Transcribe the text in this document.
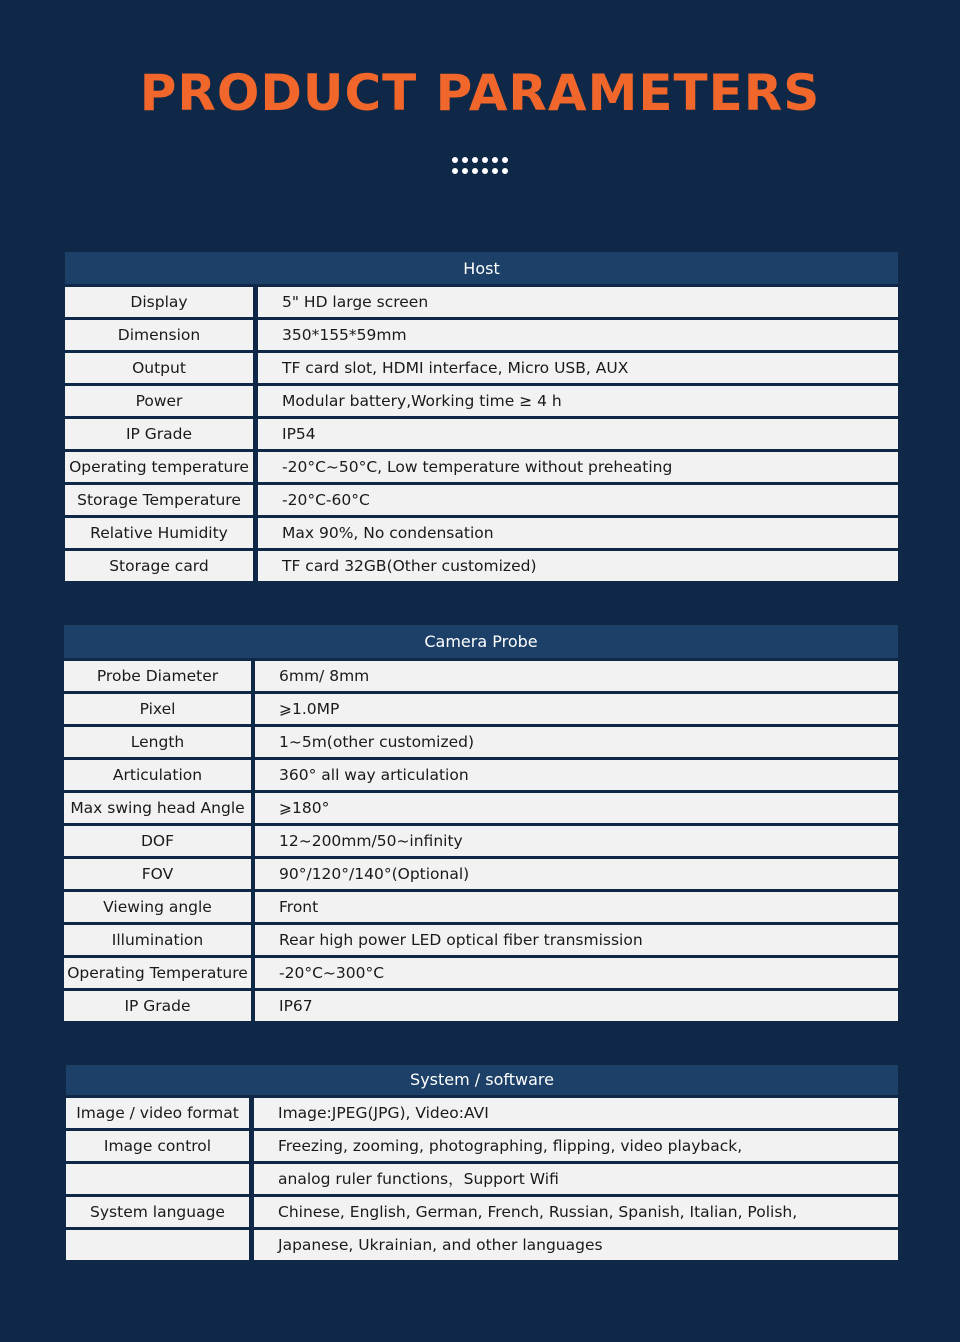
PRODUCT PARAMETERS
Host
Display	5" HD large screen
Dimension	350*155*59mm
Output	TF card slot, HDMI interface, Micro USB, AUX
Power	Modular battery,Working time ≥ 4 h
IP Grade	IP54
Operating temperature	-20°C~50°C, Low temperature without preheating
Storage Temperature	-20°C-60°C
Relative Humidity	Max 90%, No condensation
Storage card	TF card 32GB(Other customized)
Camera Probe
Probe Diameter	6mm/ 8mm
Pixel	⩾1.0MP
Length	1~5m(other customized)
Articulation	360° all way articulation
Max swing head Angle	⩾180°
DOF	12~200mm/50~infinity
FOV	90°/120°/140°(Optional)
Viewing angle	Front
Illumination	Rear high power LED optical fiber transmission
Operating Temperature	-20°C~300°C
IP Grade	IP67
System / software
Image / video format	Image:JPEG(JPG), Video:AVI
Image control	Freezing, zooming, photographing, flipping, video playback,
analog ruler functions，Support Wifi
System language	Chinese, English, German, French, Russian, Spanish, Italian, Polish,
Japanese, Ukrainian, and other languages
